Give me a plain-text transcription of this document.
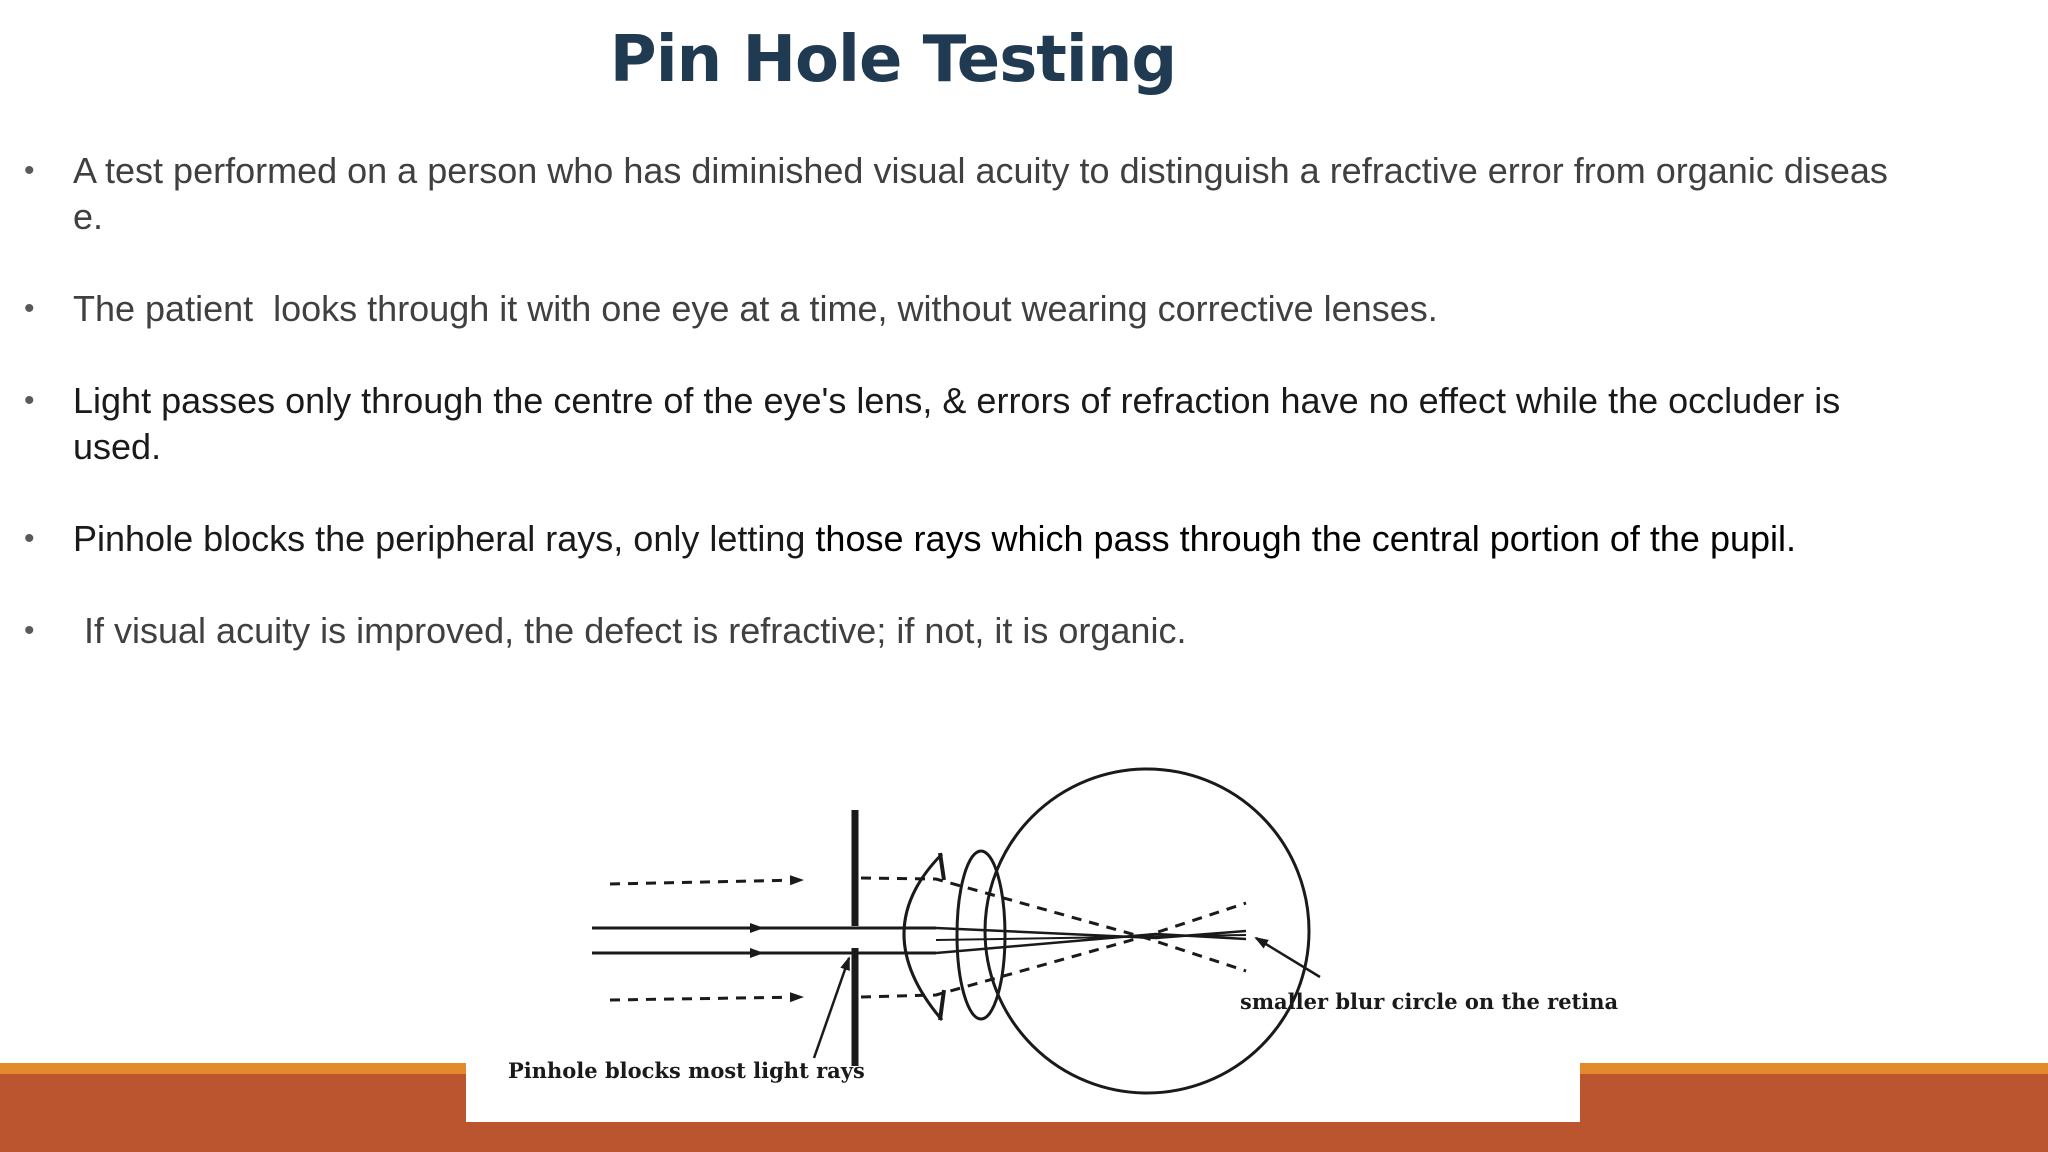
Pin Hole Testing
• A test performed on a person who has diminished visual acuity to distinguish a refractive error from organic diseas
e.
• The patient  looks through it with one eye at a time, without wearing corrective lenses.
• Light passes only through the centre of the eye's lens, & errors of refraction have no effect while the occluder is
used.
• Pinhole blocks the peripheral rays, only letting those rays which pass through the central portion of the pupil.
• If visual acuity is improved, the defect is refractive; if not, it is organic.
Pinhole blocks most light rays
smaller blur circle on the retina
